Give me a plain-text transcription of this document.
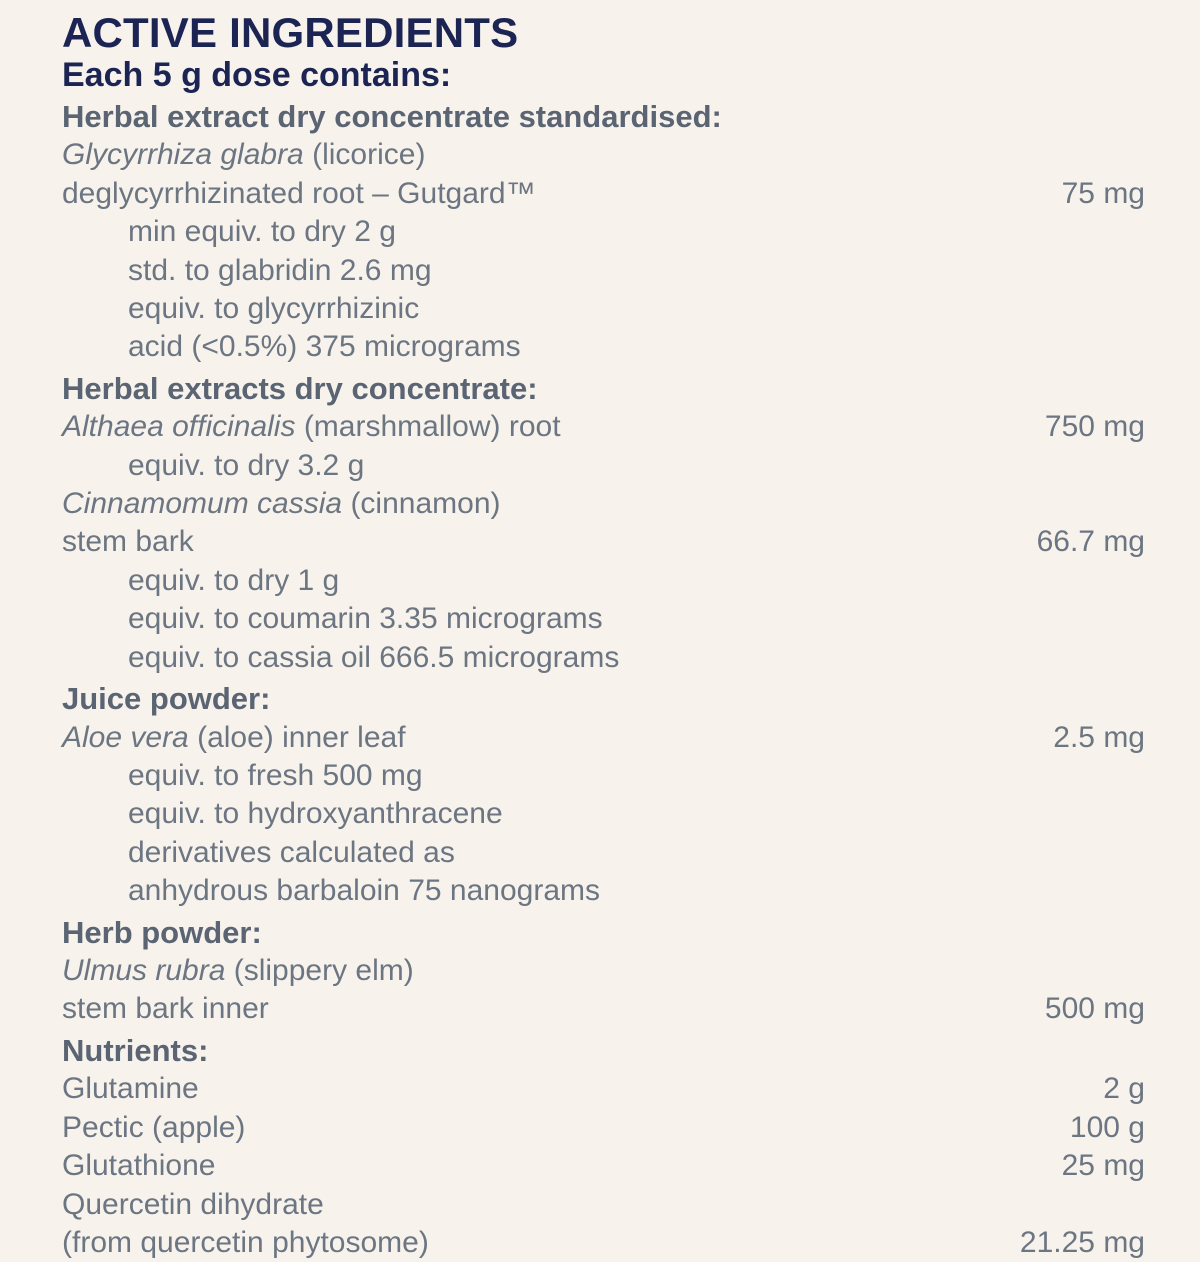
ACTIVE INGREDIENTS
Each 5 g dose contains:
Herbal extract dry concentrate standardised:
Glycyrrhiza glabra (licorice)
deglycyrrhizinated root – Gutgard™	75 mg
min equiv. to dry 2 g
std. to glabridin 2.6 mg
equiv. to glycyrrhizinic
acid (<0.5%) 375 micrograms
Herbal extracts dry concentrate:
Althaea officinalis (marshmallow) root	750 mg
equiv. to dry 3.2 g
Cinnamomum cassia (cinnamon)
stem bark	66.7 mg
equiv. to dry 1 g
equiv. to coumarin 3.35 micrograms
equiv. to cassia oil 666.5 micrograms
Juice powder:
Aloe vera (aloe) inner leaf	2.5 mg
equiv. to fresh 500 mg
equiv. to hydroxyanthracene
derivatives calculated as
anhydrous barbaloin 75 nanograms
Herb powder:
Ulmus rubra (slippery elm)
stem bark inner	500 mg
Nutrients:
Glutamine	2 g
Pectic (apple)	100 g
Glutathione	25 mg
Quercetin dihydrate
(from quercetin phytosome)	21.25 mg
